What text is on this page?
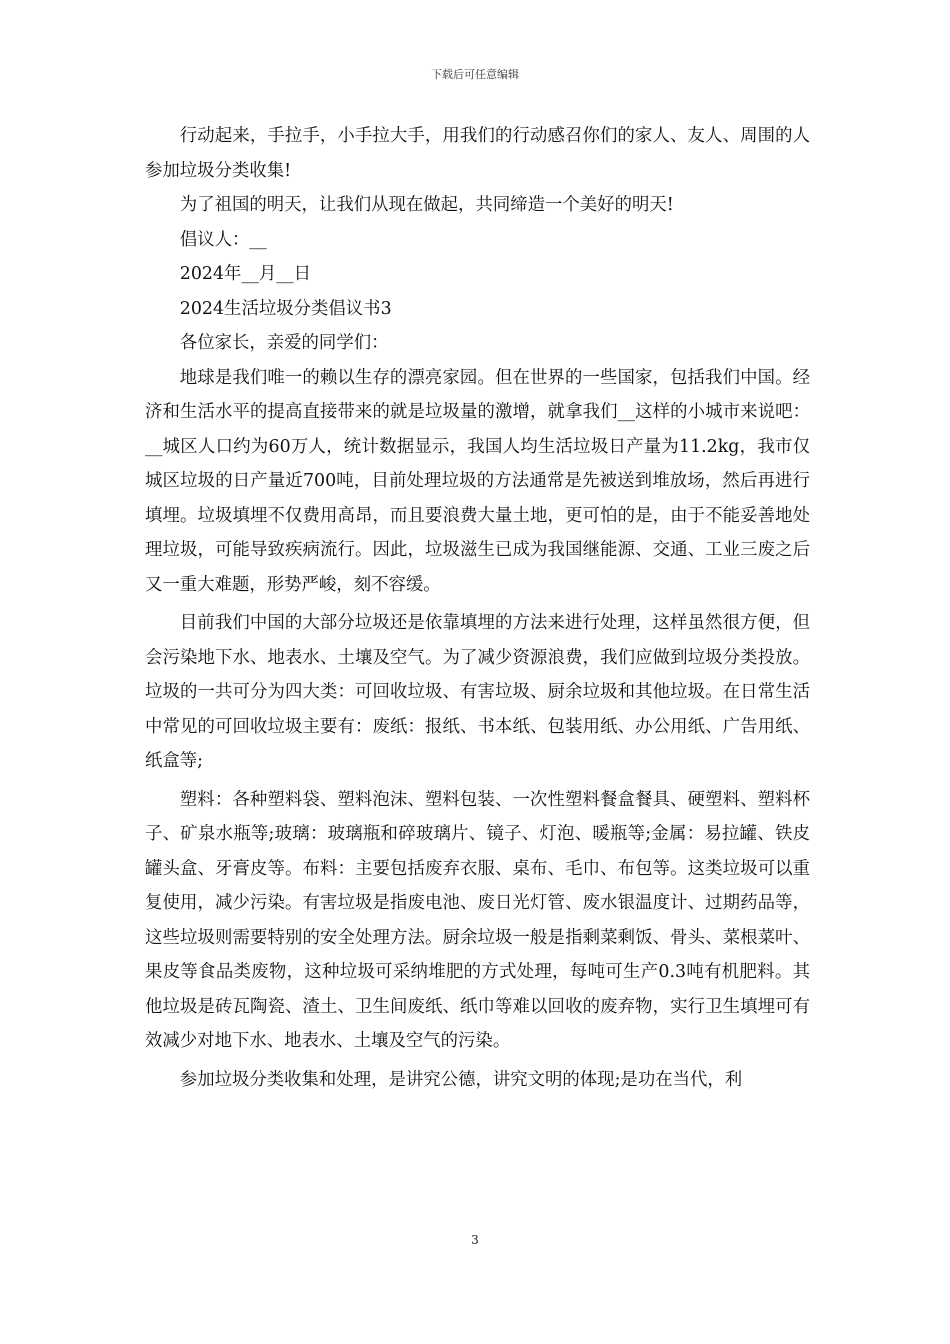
下载后可任意编辑

行动起来，手拉手，小手拉大手，用我们的行动感召你们的家人、友人、周围的人参加垃圾分类收集!

为了祖国的明天，让我们从现在做起，共同缔造一个美好的明天!

倡议人：__

2024年__月__日

2024生活垃圾分类倡议书3

各位家长，亲爱的同学们：

地球是我们唯一的赖以生存的漂亮家园。但在世界的一些国家，包括我们中国。经济和生活水平的提高直接带来的就是垃圾量的激增，就拿我们__这样的小城市来说吧：__城区人口约为60万人，统计数据显示，我国人均生活垃圾日产量为11.2kg，我市仅城区垃圾的日产量近700吨，目前处理垃圾的方法通常是先被送到堆放场，然后再进行填埋。垃圾填埋不仅费用高昂，而且要浪费大量土地，更可怕的是，由于不能妥善地处理垃圾，可能导致疾病流行。因此，垃圾滋生已成为我国继能源、交通、工业三废之后又一重大难题，形势严峻，刻不容缓。

目前我们中国的大部分垃圾还是依靠填埋的方法来进行处理，这样虽然很方便，但会污染地下水、地表水、土壤及空气。为了减少资源浪费，我们应做到垃圾分类投放。垃圾的一共可分为四大类：可回收垃圾、有害垃圾、厨余垃圾和其他垃圾。在日常生活中常见的可回收垃圾主要有：废纸：报纸、书本纸、包装用纸、办公用纸、广告用纸、纸盒等;

塑料：各种塑料袋、塑料泡沫、塑料包装、一次性塑料餐盒餐具、硬塑料、塑料杯子、矿泉水瓶等;玻璃：玻璃瓶和碎玻璃片、镜子、灯泡、暖瓶等;金属：易拉罐、铁皮罐头盒、牙膏皮等。布料：主要包括废弃衣服、桌布、毛巾、布包等。这类垃圾可以重复使用，减少污染。有害垃圾是指废电池、废日光灯管、废水银温度计、过期药品等，这些垃圾则需要特别的安全处理方法。厨余垃圾一般是指剩菜剩饭、骨头、菜根菜叶、果皮等食品类废物，这种垃圾可采纳堆肥的方式处理，每吨可生产0.3吨有机肥料。其他垃圾是砖瓦陶瓷、渣土、卫生间废纸、纸巾等难以回收的废弃物，实行卫生填埋可有效减少对地下水、地表水、土壤及空气的污染。

参加垃圾分类收集和处理，是讲究公德，讲究文明的体现;是功在当代，利

3
